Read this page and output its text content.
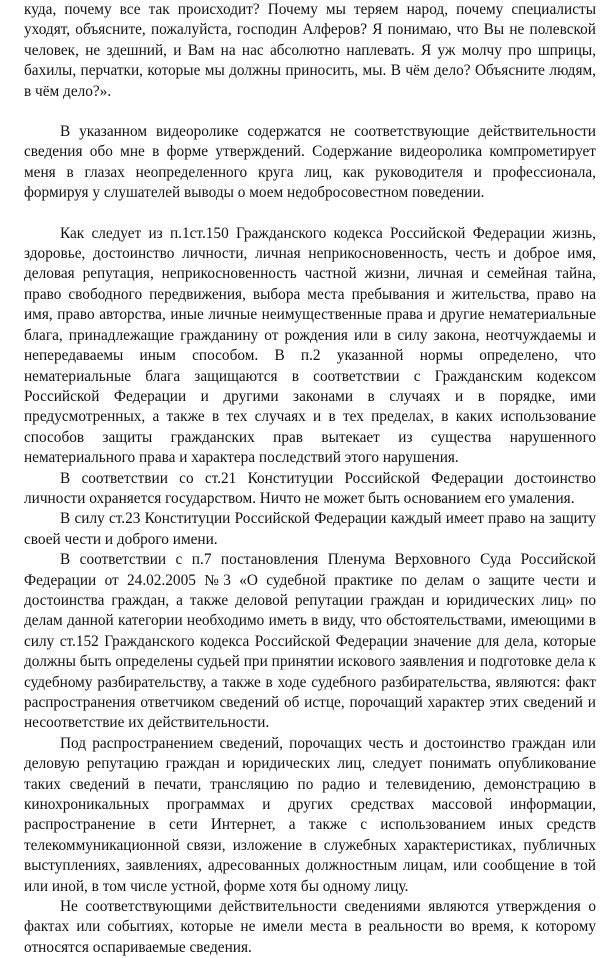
куда, почему все так происходит? Почему мы теряем народ, почему специалисты уходят, объясните, пожалуйста, господин Алферов? Я понимаю, что Вы не полевской человек, не здешний, и Вам на нас абсолютно наплевать. Я уж молчу про шприцы, бахилы, перчатки, которые мы должны приносить, мы. В чём дело? Объясните людям, в чём дело?».

В указанном видеоролике содержатся не соответствующие действительности сведения обо мне в форме утверждений. Содержание видеоролика компрометирует меня в глазах неопределенного круга лиц, как руководителя и профессионала, формируя у слушателей выводы о моем недобросовестном поведении.

Как следует из п.1ст.150 Гражданского кодекса Российской Федерации жизнь, здоровье, достоинство личности, личная неприкосновенность, честь и доброе имя, деловая репутация, неприкосновенность частной жизни, личная и семейная тайна, право свободного передвижения, выбора места пребывания и жительства, право на имя, право авторства, иные личные неимущественные права и другие нематериальные блага, принадлежащие гражданину от рождения или в силу закона, неотчуждаемы и непередаваемы иным способом. В п.2 указанной нормы определено, что нематериальные блага защищаются в соответствии с Гражданским кодексом Российской Федерации и другими законами в случаях и в порядке, ими предусмотренных, а также в тех случаях и в тех пределах, в каких использование способов защиты гражданских прав вытекает из существа нарушенного нематериального права и характера последствий этого нарушения.

В соответствии со ст.21 Конституции Российской Федерации достоинство личности охраняется государством. Ничто не может быть основанием его умаления.

В силу ст.23 Конституции Российской Федерации каждый имеет право на защиту своей чести и доброго имени.

В соответствии с п.7 постановления Пленума Верховного Суда Российской Федерации от 24.02.2005 №3 «О судебной практике по делам о защите чести и достоинства граждан, а также деловой репутации граждан и юридических лиц» по делам данной категории необходимо иметь в виду, что обстоятельствами, имеющими в силу ст.152 Гражданского кодекса Российской Федерации значение для дела, которые должны быть определены судьей при принятии искового заявления и подготовке дела к судебному разбирательству, а также в ходе судебного разбирательства, являются: факт распространения ответчиком сведений об истце, порочащий характер этих сведений и несоответствие их действительности.

Под распространением сведений, порочащих честь и достоинство граждан или деловую репутацию граждан и юридических лиц, следует понимать опубликование таких сведений в печати, трансляцию по радио и телевидению, демонстрацию в кинохроникальных программах и других средствах массовой информации, распространение в сети Интернет, а также с использованием иных средств телекоммуникационной связи, изложение в служебных характеристиках, публичных выступлениях, заявлениях, адресованных должностным лицам, или сообщение в той или иной, в том числе устной, форме хотя бы одному лицу.

Не соответствующими действительности сведениями являются утверждения о фактах или событиях, которые не имели места в реальности во время, к которому относятся оспариваемые сведения.
